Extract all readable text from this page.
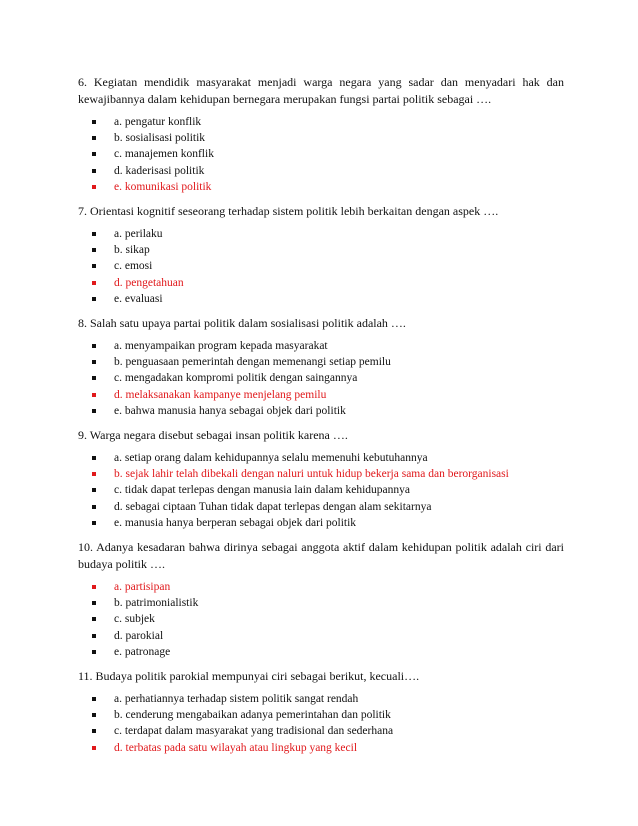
6. Kegiatan mendidik masyarakat menjadi warga negara yang sadar dan menyadari hak dan kewajibannya dalam kehidupan bernegara merupakan fungsi partai politik sebagai ….

a. pengatur konflik
b. sosialisasi politik
c. manajemen konflik
d. kaderisasi politik
e. komunikasi politik

7. Orientasi kognitif seseorang terhadap sistem politik lebih berkaitan dengan aspek ….

a. perilaku
b. sikap
c. emosi
d. pengetahuan
e. evaluasi

8. Salah satu upaya partai politik dalam sosialisasi politik adalah ….

a. menyampaikan program kepada masyarakat
b. penguasaan pemerintah dengan memenangi setiap pemilu
c. mengadakan kompromi politik dengan saingannya
d. melaksanakan kampanye menjelang pemilu
e. bahwa manusia hanya sebagai objek dari politik

9. Warga negara disebut sebagai insan politik karena ….

a. setiap orang dalam kehidupannya selalu memenuhi kebutuhannya
b. sejak lahir telah dibekali dengan naluri untuk hidup bekerja sama dan berorganisasi
c. tidak dapat terlepas dengan manusia lain dalam kehidupannya
d. sebagai ciptaan Tuhan tidak dapat terlepas dengan alam sekitarnya
e. manusia hanya berperan sebagai objek dari politik

10. Adanya kesadaran bahwa dirinya sebagai anggota aktif dalam kehidupan politik adalah ciri dari budaya politik ….

a. partisipan
b. patrimonialistik
c. subjek
d. parokial
e. patronage

11. Budaya politik parokial mempunyai ciri sebagai berikut, kecuali….

a. perhatiannya terhadap sistem politik sangat rendah
b. cenderung mengabaikan adanya pemerintahan dan politik
c. terdapat dalam masyarakat yang tradisional dan sederhana
d. terbatas pada satu wilayah atau lingkup yang kecil
